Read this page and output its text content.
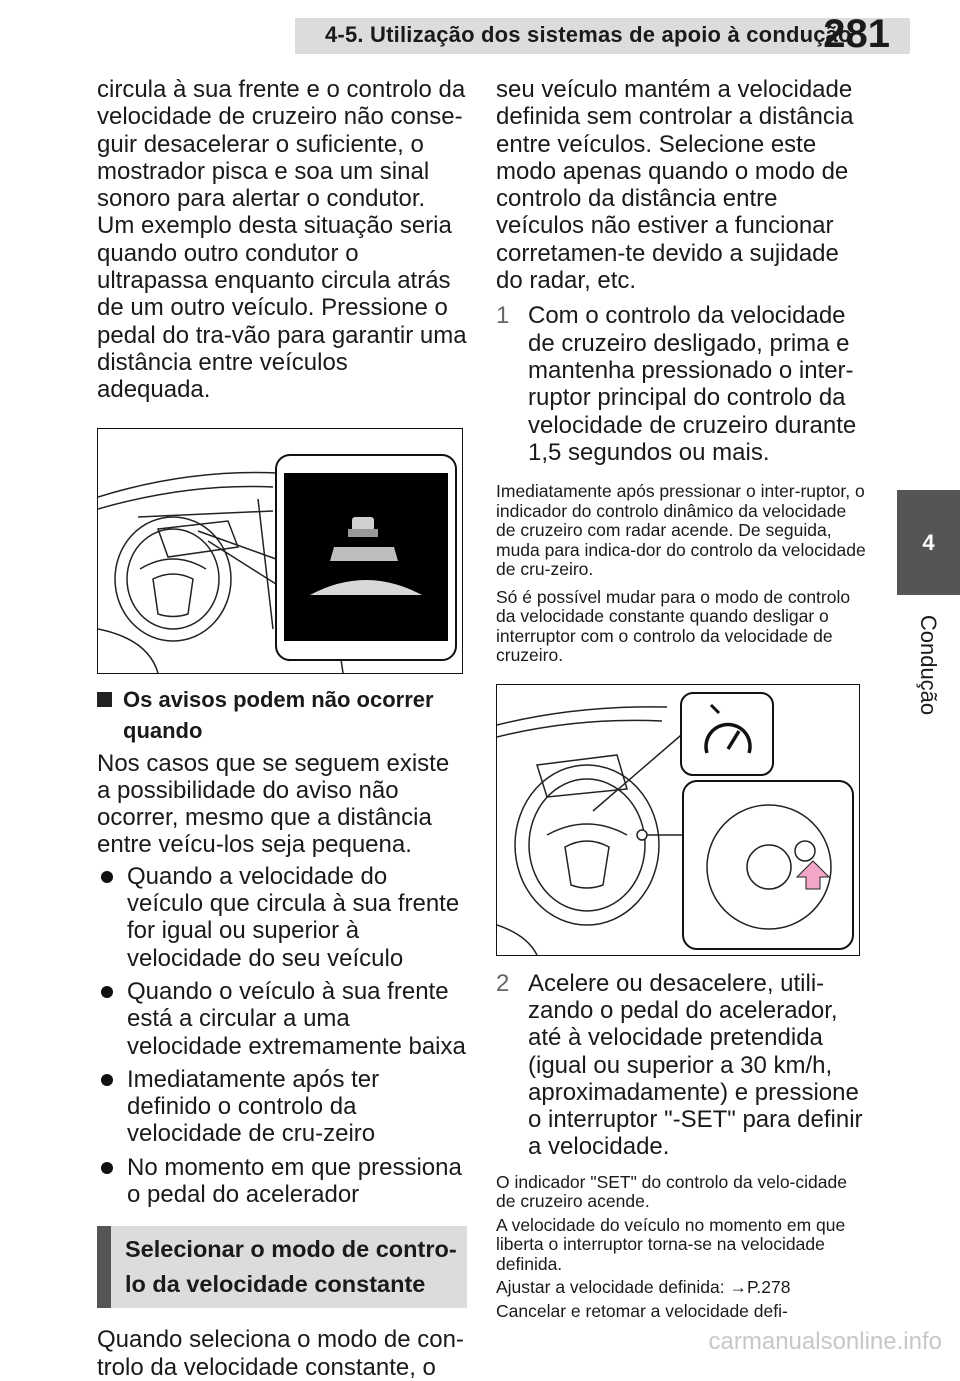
4-5. Utilização dos sistemas de apoio à condução
281
4
Condução

circula à sua frente e o controlo da velocidade de cruzeiro não conse-guir desacelerar o suficiente, o mostrador pisca e soa um sinal sonoro para alertar o condutor. Um exemplo desta situação seria quando outro condutor o ultrapassa enquanto circula atrás de um outro veículo. Pressione o pedal do tra-vão para garantir uma distância entre veículos adequada.

Os avisos podem não ocorrer quando

Nos casos que se seguem existe a possibilidade do aviso não ocorrer, mesmo que a distância entre veícu-los seja pequena.

Quando a velocidade do veículo que circula à sua frente for igual ou superior à velocidade do seu veículo
Quando o veículo à sua frente está a circular a uma velocidade extremamente baixa
Imediatamente após ter definido o controlo da velocidade de cru-zeiro
No momento em que pressiona o pedal do acelerador
Selecionar o modo de contro-lo da velocidade constante

Quando seleciona o modo de con-trolo da velocidade constante, o

seu veículo mantém a velocidade definida sem controlar a distância entre veículos. Selecione este modo apenas quando o modo de controlo da distância entre veículos não estiver a funcionar corretamen-te devido a sujidade do radar, etc.

1 Com o controlo da velocidade de cruzeiro desligado, prima e mantenha pressionado o inter-ruptor principal do controlo da velocidade de cruzeiro durante 1,5 segundos ou mais.

Imediatamente após pressionar o inter-ruptor, o indicador do controlo dinâmico da velocidade de cruzeiro com radar acende. De seguida, muda para indica-dor do controlo da velocidade de cru-zeiro.

Só é possível mudar para o modo de controlo da velocidade constante quando desligar o interruptor com o controlo da velocidade de cruzeiro.

2 Acelere ou desacelere, utili-zando o pedal do acelerador, até à velocidade pretendida (igual ou superior a 30 km/h, aproximadamente) e pressione o interruptor "-SET" para definir a velocidade.

O indicador "SET" do controlo da velo-cidade de cruzeiro acende.

A velocidade do veículo no momento em que liberta o interruptor torna-se na velocidade definida.

Ajustar a velocidade definida: →P.278

Cancelar e retomar a velocidade defi-

carmanualsonline.info
